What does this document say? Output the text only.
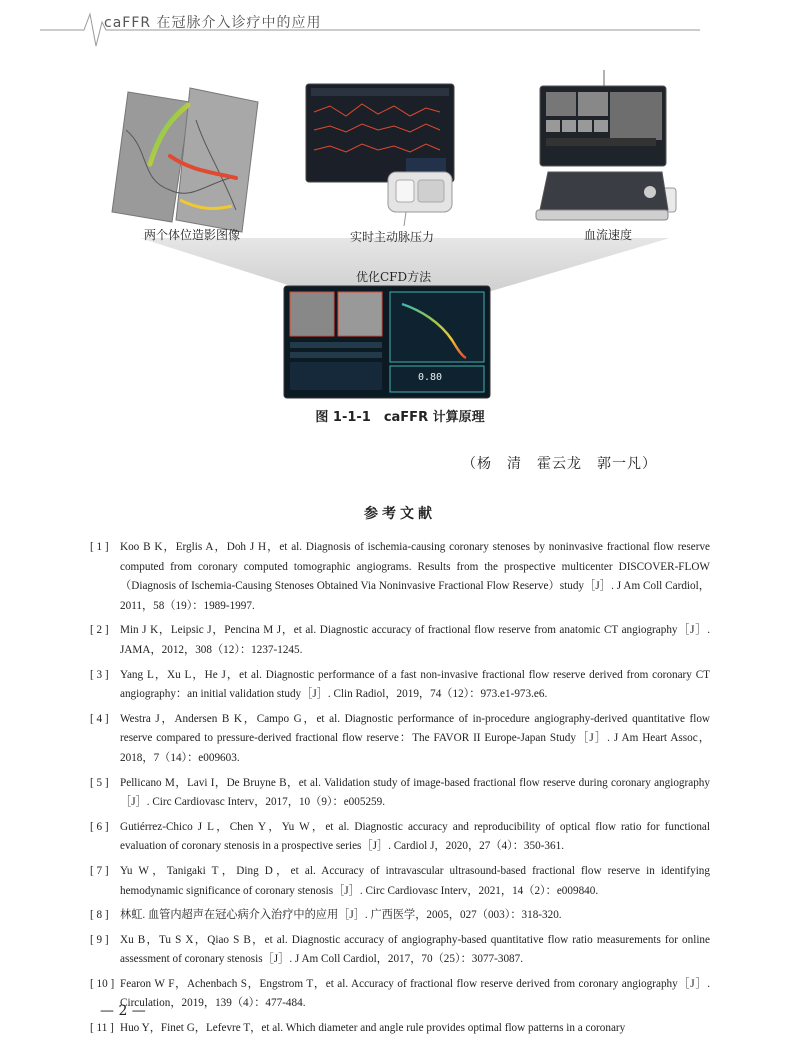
caFFR 在冠脉介入诊疗中的应用
两个体位造影图像	实时主动脉压力	血流速度
优化CFD方法
0.80
图 1-1-1　caFFR 计算原理
（杨　清　霍云龙　郭一凡）
参考文献
[ 1 ]	Koo B K，Erglis A，Doh J H，et al. Diagnosis of ischemia-causing coronary stenoses by noninvasive fractional flow reserve computed from coronary computed tomographic angiograms. Results from the prospective multicenter DISCOVER-FLOW（Diagnosis of Ischemia-Causing Stenoses Obtained Via Noninvasive Fractional Flow Reserve）study［J］. J Am Coll Cardiol，2011，58（19）：1989-1997.
[ 2 ]	Min J K，Leipsic J，Pencina M J，et al. Diagnostic accuracy of fractional flow reserve from anatomic CT angiography［J］. JAMA，2012，308（12）：1237-1245.
[ 3 ]	Yang L，Xu L，He J，et al. Diagnostic performance of a fast non-invasive fractional flow reserve derived from coronary CT angiography：an initial validation study［J］. Clin Radiol，2019，74（12）：973.e1-973.e6.
[ 4 ]	Westra J，Andersen B K，Campo G，et al. Diagnostic performance of in-procedure angiography-derived quantitative flow reserve compared to pressure-derived fractional flow reserve：The FAVOR II Europe-Japan Study［J］. J Am Heart Assoc，2018，7（14）：e009603.
[ 5 ]	Pellicano M，Lavi I，De Bruyne B，et al. Validation study of image-based fractional flow reserve during coronary angiography［J］. Circ Cardiovasc Interv，2017，10（9）：e005259.
[ 6 ]	Gutiérrez-Chico J L，Chen Y，Yu W，et al. Diagnostic accuracy and reproducibility of optical flow ratio for functional evaluation of coronary stenosis in a prospective series［J］. Cardiol J，2020，27（4）：350-361.
[ 7 ]	Yu W，Tanigaki T，Ding D，et al. Accuracy of intravascular ultrasound-based fractional flow reserve in identifying hemodynamic significance of coronary stenosis［J］. Circ Cardiovasc Interv，2021，14（2）：e009840.
[ 8 ]	林虹. 血管内超声在冠心病介入治疗中的应用［J］. 广西医学，2005，027（003）：318-320.
[ 9 ]	Xu B，Tu S X，Qiao S B，et al. Diagnostic accuracy of angiography-based quantitative flow ratio measurements for online assessment of coronary stenosis［J］. J Am Coll Cardiol，2017，70（25）：3077-3087.
[ 10 ] Fearon W F，Achenbach S，Engstrom T，et al. Accuracy of fractional flow reserve derived from coronary angiography［J］. Circulation，2019，139（4）：477-484.
[ 11 ] Huo Y，Finet G，Lefevre T，et al. Which diameter and angle rule provides optimal flow patterns in a coronary
— 2 —
